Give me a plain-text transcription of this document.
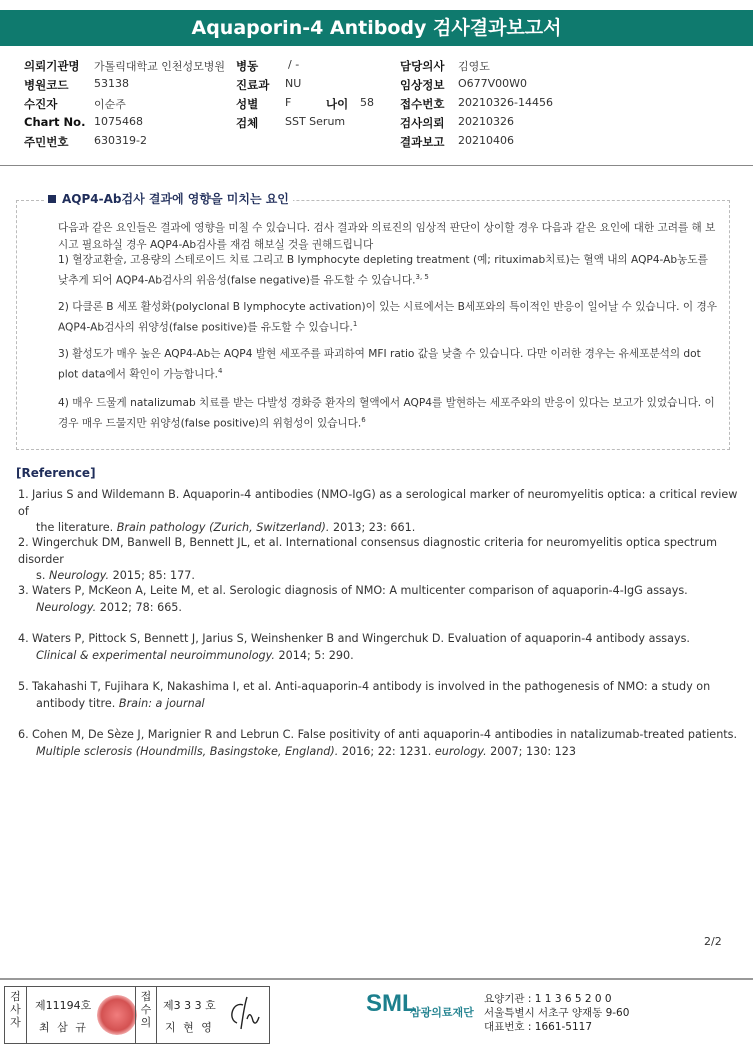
Aquaporin-4 Antibody 검사결과보고서
의뢰기관명 가톨릭대학교 인천성모병원 병동	/ -	담당의사 김영도
병원코드 53138	진료과 NU	임상정보 O677V00W0
수진자	이순주	성별 F	나이 58 접수번호 20210326-14456
Chart No. 1075468	검체 SST Serum	검사의뢰 20210326
주민번호 630319-2	결과보고 20210406
AQP4-Ab검사 결과에 영향을 미치는 요인
다음과 같은 요인들은 결과에 영향을 미칠 수 있습니다. 검사 결과와 의료진의 임상적 판단이 상이할 경우 다음과 같은 요인에 대한 고려를 해 보시고 필요하실 경우 AQP4-Ab검사를 재검 해보실 것을 권해드립니다
1) 혈장교환술, 고용량의 스테로이드 치료 그리고 B lymphocyte depleting treatment (예; rituximab치료)는 혈액 내의 AQP4-Ab농도를 낮추게 되어 AQP4-Ab검사의 위음성(false negative)를 유도할 수 있습니다.$^{3, 5}$
2) 다클론 B 세포 활성화(polyclonal B lymphocyte activation)이 있는 시료에서는 B세포와의 특이적인 반응이 일어날 수 있습니다. 이 경우 AQP4-Ab검사의 위양성(false positive)를 유도할 수 있습니다.$^1$
3) 활성도가 매우 높은 AQP4-Ab는 AQP4 발현 세포주를 파괴하여 MFI ratio 값을 낮출 수 있습니다. 다만 이러한 경우는 유세포분석의 dot plot data에서 확인이 가능합니다.$^4$
4) 매우 드물게 natalizumab 치료를 받는 다발성 경화증 환자의 혈액에서 AQP4를 발현하는 세포주와의 반응이 있다는 보고가 있었습니다. 이 경우 매우 드물지만 위양성(false positive)의 위험성이 있습니다.$^6$
[Reference]
1. Jarius S and Wildemann B. Aquaporin-4 antibodies (NMO-IgG) as a serological marker of neuromyelitis optica: a critical review of
the literature. Brain pathology (Zurich, Switzerland). 2013; 23: 661.
2. Wingerchuk DM, Banwell B, Bennett JL, et al. International consensus diagnostic criteria for neuromyelitis optica spectrum disorder
s. Neurology. 2015; 85: 177.
3. Waters P, McKeon A, Leite M, et al. Serologic diagnosis of NMO: A multicenter comparison of aquaporin-4-IgG assays.
Neurology. 2012; 78: 665.
4. Waters P, Pittock S, Bennett J, Jarius S, Weinshenker B and Wingerchuk D. Evaluation of aquaporin-4 antibody assays.
Clinical & experimental neuroimmunology. 2014; 5: 290.
5. Takahashi T, Fujihara K, Nakashima I, et al. Anti-aquaporin-4 antibody is involved in the pathogenesis of NMO: a study on
antibody titre. Brain: a journal
6. Cohen M, De Sèze J, Marignier R and Lebrun C. False positivity of anti aquaporin-4 antibodies in natalizumab-treated patients.
Multiple sclerosis (Houndmills, Basingstoke, England). 2016; 22: 1231. eurology. 2007; 130: 123
2/2
검사자
제11194호
최 삼 규
접수의
제3 3 3 호
지 현 영
SML
삼광의료재단
요양기관 : 1 1 3 6 5 2 0 0
서울특별시 서초구 양재동 9-60
대표번호 : 1661-5117
